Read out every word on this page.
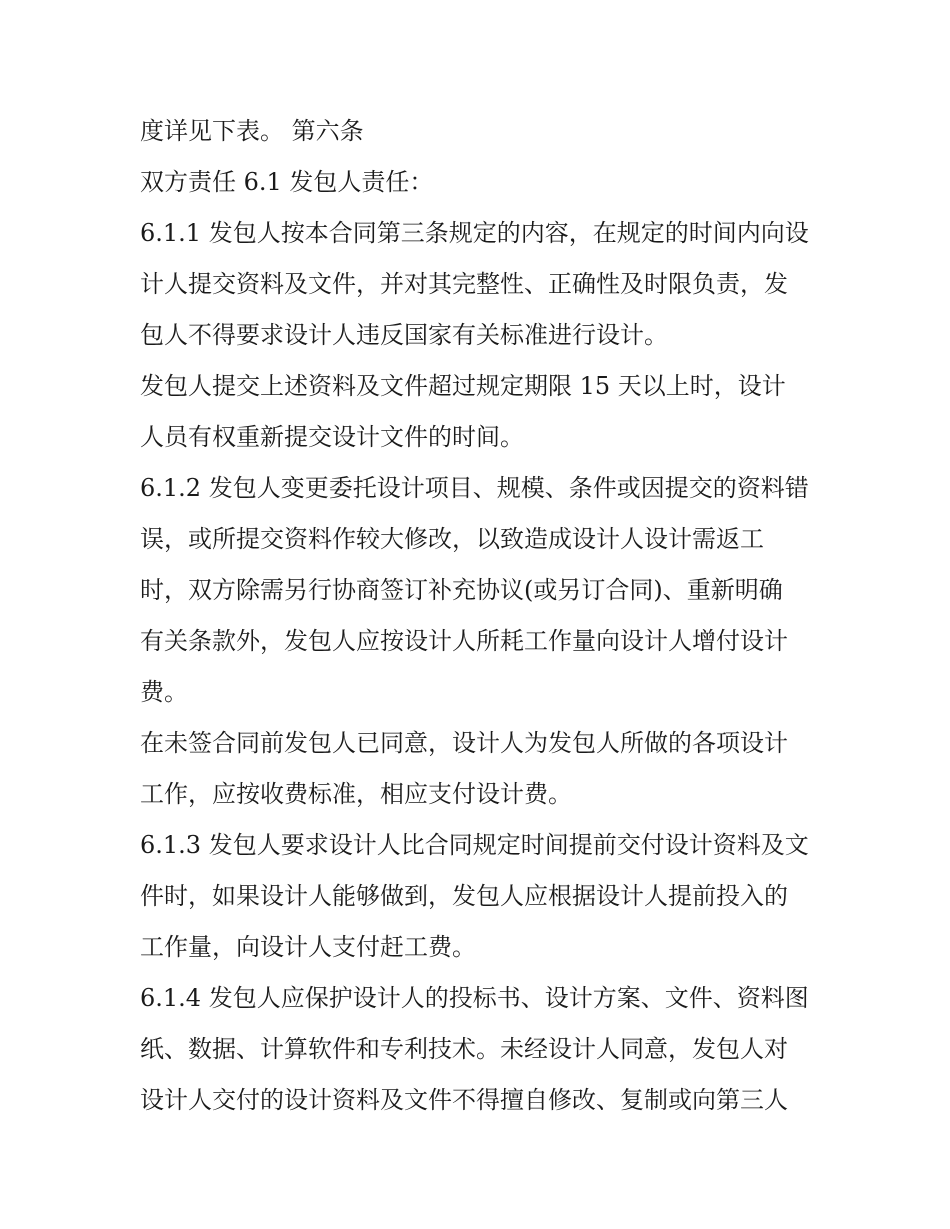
度详见下表。 第六条
双方责任 6.1 发包人责任：
6.1.1 发包人按本合同第三条规定的内容，在规定的时间内向设
计人提交资料及文件，并对其完整性、正确性及时限负责，发
包人不得要求设计人违反国家有关标准进行设计。
发包人提交上述资料及文件超过规定期限 15 天以上时，设计
人员有权重新提交设计文件的时间。
6.1.2 发包人变更委托设计项目、规模、条件或因提交的资料错
误，或所提交资料作较大修改，以致造成设计人设计需返工
时，双方除需另行协商签订补充协议(或另订合同)、重新明确
有关条款外，发包人应按设计人所耗工作量向设计人增付设计
费。
在未签合同前发包人已同意，设计人为发包人所做的各项设计
工作，应按收费标准，相应支付设计费。
6.1.3 发包人要求设计人比合同规定时间提前交付设计资料及文
件时，如果设计人能够做到，发包人应根据设计人提前投入的
工作量，向设计人支付赶工费。
6.1.4 发包人应保护设计人的投标书、设计方案、文件、资料图
纸、数据、计算软件和专利技术。未经设计人同意，发包人对
设计人交付的设计资料及文件不得擅自修改、复制或向第三人
